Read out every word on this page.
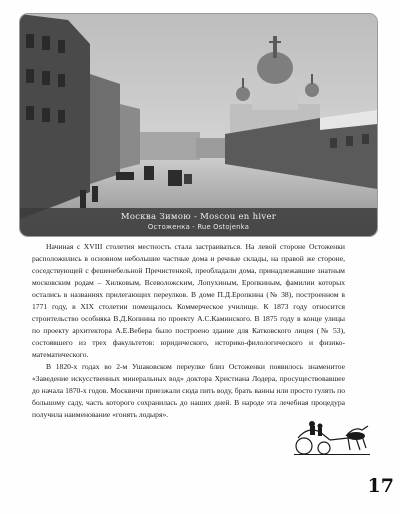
Москва Зимою - Moscou en hiver
Остоженка - Rue Ostojenka

Начиная с XVIII столетия местность стала застраиваться. На левой стороне Остоженки расположились в основном небольшие частные дома и речные склады, на правой же стороне, соседствующей с фешенебельной Пречистенкой, преобладали дома, принадлежавшие знатным московским родам – Хилковым, Всеволожским, Лопухиным, Еропкиным, фамилии которых остались в названиях прилегающих переулков. В доме П.Д.Еропкина (№ 38), построенном в 1771 году, в XIX столетии помещалось Коммерческое училище. К 1873 году относится строительство особняка В.Д.Копнина по проекту А.С.Каминского. В 1875 году в конце улицы по проекту архитектора А.Е.Вебера было построено здание для Катковского лицея (№ 53), состоявшего из трех факультетов: юридического, историко-филологического и физико-математического.

В 1820-х годах во 2-м Ушаковском переулке близ Остоженки появилось знаменитое «Заведение искусственных минеральных вод» доктора Христиана Лодера, просуществовавшее до начала 1870-х годов. Москвичи приезжали сюда пить воду, брать ванны или просто гулять по большому саду, часть которого сохранилась до наших дней. В народе эта лечебная процедура получила наименование «гонять лодыря».

17
